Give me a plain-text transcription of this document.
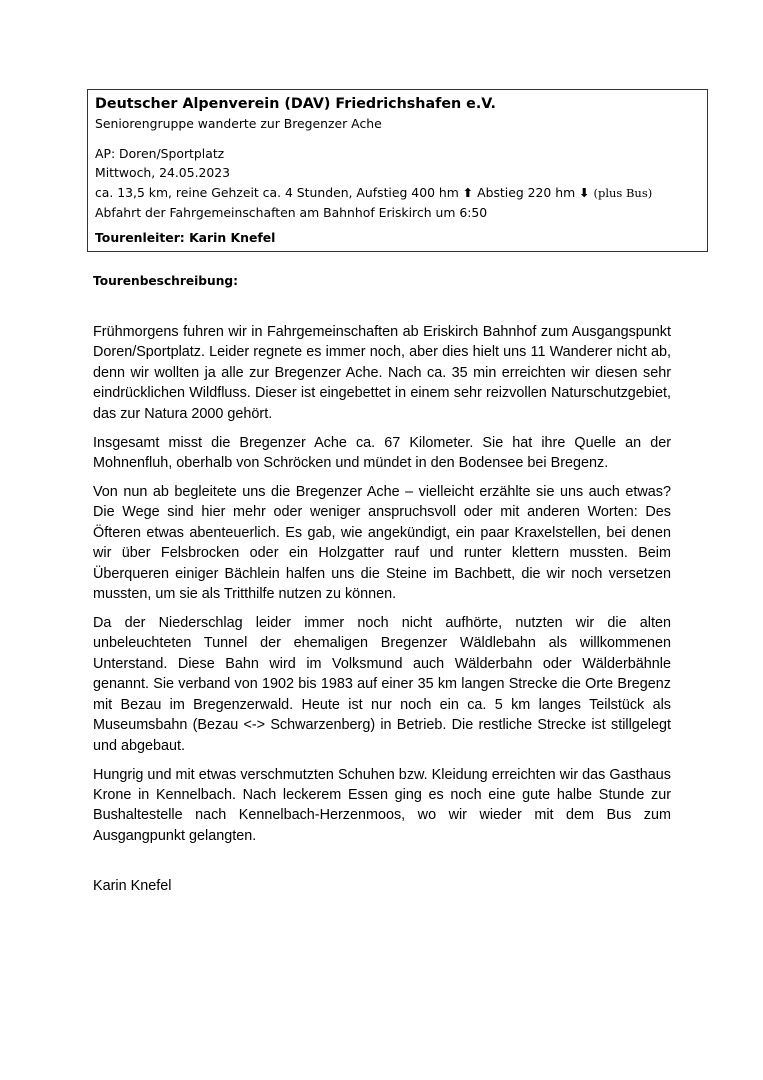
Deutscher Alpenverein (DAV) Friedrichshafen e.V.
Seniorengruppe wanderte zur Bregenzer Ache
AP: Doren/Sportplatz
Mittwoch, 24.05.2023
ca. 13,5 km, reine Gehzeit ca. 4 Stunden, Aufstieg 400 hm ⬆ Abstieg 220 hm ⬇ (plus Bus)
Abfahrt der Fahrgemeinschaften am Bahnhof Eriskirch um 6:50
Tourenleiter: Karin Knefel
Tourenbeschreibung:

Frühmorgens fuhren wir in Fahrgemeinschaften ab Eriskirch Bahnhof zum Ausgangspunkt Doren/Sportplatz. Leider regnete es immer noch, aber dies hielt uns 11 Wanderer nicht ab, denn wir wollten ja alle zur Bregenzer Ache. Nach ca. 35 min erreichten wir diesen sehr eindrücklichen Wildfluss. Dieser ist eingebettet in einem sehr reizvollen Naturschutzgebiet, das zur Natura 2000 gehört.

Insgesamt misst die Bregenzer Ache ca. 67 Kilometer. Sie hat ihre Quelle an der Mohnenfluh, oberhalb von Schröcken und mündet in den Bodensee bei Bregenz.

Von nun ab begleitete uns die Bregenzer Ache – vielleicht erzählte sie uns auch etwas? Die Wege sind hier mehr oder weniger anspruchsvoll oder mit anderen Worten: Des Öfteren etwas abenteuerlich. Es gab, wie angekündigt, ein paar Kraxelstellen, bei denen wir über Felsbrocken oder ein Holzgatter rauf und runter klettern mussten. Beim Überqueren einiger Bächlein halfen uns die Steine im Bachbett, die wir noch versetzen mussten, um sie als Tritthilfe nutzen zu können.

Da der Niederschlag leider immer noch nicht aufhörte, nutzten wir die alten unbeleuchteten Tunnel der ehemaligen Bregenzer Wäldlebahn als willkommenen Unterstand. Diese Bahn wird im Volksmund auch Wälderbahn oder Wälderbähnle genannt. Sie verband von 1902 bis 1983 auf einer 35 km langen Strecke die Orte Bregenz mit Bezau im Bregenzerwald. Heute ist nur noch ein ca. 5 km langes Teilstück als Museumsbahn (Bezau <-> Schwarzenberg) in Betrieb. Die restliche Strecke ist stillgelegt und abgebaut.

Hungrig und mit etwas verschmutzten Schuhen bzw. Kleidung erreichten wir das Gasthaus Krone in Kennelbach. Nach leckerem Essen ging es noch eine gute halbe Stunde zur Bushaltestelle nach Kennelbach-Herzenmoos, wo wir wieder mit dem Bus zum Ausgangpunkt gelangten.

Karin Knefel
